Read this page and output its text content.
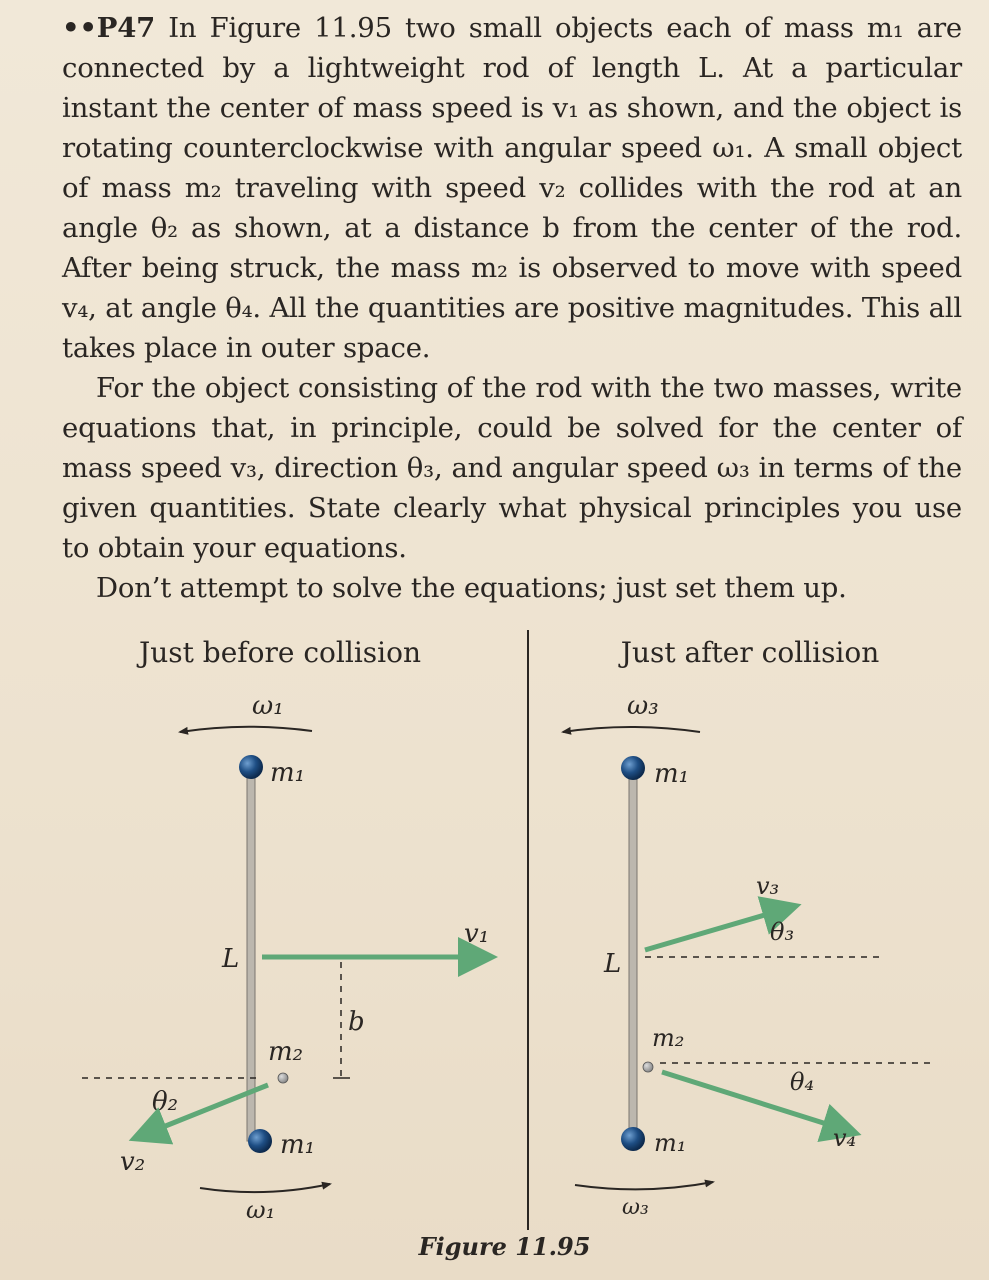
••P47 In Figure 11.95 two small objects each of mass m₁ are connected by a lightweight rod of length L. At a particular instant the center of mass speed is v₁ as shown, and the object is rotating counterclockwise with angular speed ω₁. A small object of mass m₂ traveling with speed v₂ collides with the rod at an angle θ₂ as shown, at a distance b from the center of the rod. After being struck, the mass m₂ is observed to move with speed v₄, at angle θ₄. All the quantities are positive magnitudes. This all takes place in outer space.

For the object consisting of the rod with the two masses, write equations that, in principle, could be solved for the center of mass speed v₃, direction θ₃, and angular speed ω₃ in terms of the given quantities. State clearly what physical principles you use to obtain your equations.

Don’t attempt to solve the equations; just set them up.

Just before collision
ω₁
m₁
L
v₁
b
m₂
θ₂
v₂
m₁
ω₁
Just after collision
ω₃
m₁
L
v₃
θ₃
m₂
θ₄
v₄
m₁
ω₃
Figure 11.95
